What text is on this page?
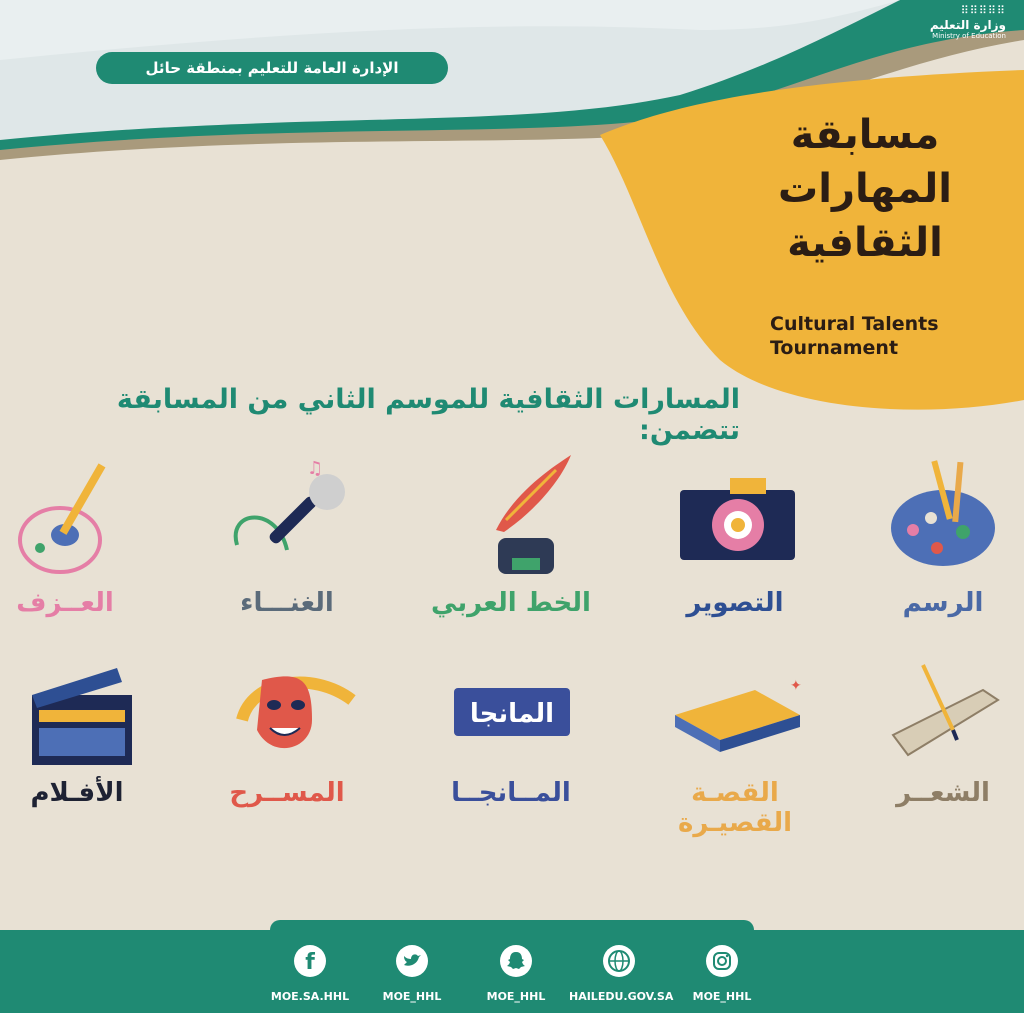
الإدارة العامة للتعليم بمنطقة حائل
⠿⠿⠿⠿⠿
وزارة التعليم
Ministry of Education
مسابقة
المهارات
الثقافية
Cultural Talents
Tournament
المسارات الثقافية للموسم الثاني من المسابقة تتضمن:
الرسم
التصوير
الخط العربي
♫
الغنـــاء
العــزف
الشعــر
✦
القصـة
القصيـرة
المانجا
المــانجــا
المســرح
الأفـلام
f
MOE.SA.HHL	MOE_HHL	MOE_HHL	HAILEDU.GOV.SA	MOE_HHL
